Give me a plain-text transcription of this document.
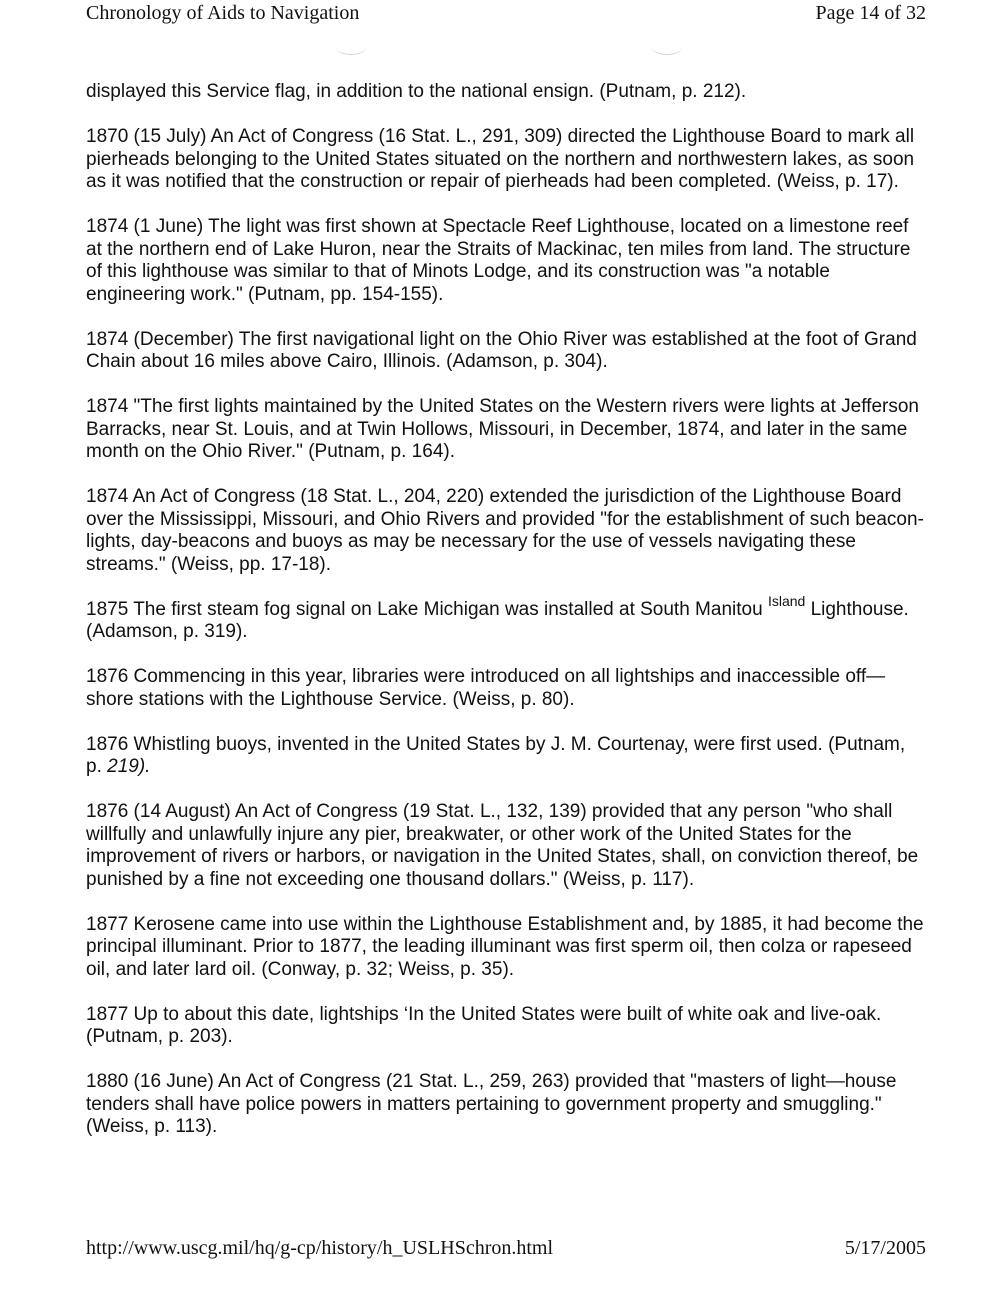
Chronology of Aids to Navigation	Page 14 of 32

displayed this Service flag, in addition to the national ensign. (Putnam, p. 212).

1870 (15 July) An Act of Congress (16 Stat. L., 291, 309) directed the Lighthouse Board to mark all pierheads belonging to the United States situated on the northern and northwestern lakes, as soon as it was notified that the construction or repair of pierheads had been completed. (Weiss, p. 17).

1874 (1 June) The light was first shown at Spectacle Reef Lighthouse, located on a limestone reef at the northern end of Lake Huron, near the Straits of Mackinac, ten miles from land. The structure of this lighthouse was similar to that of Minots Lodge, and its construction was "a notable engineering work." (Putnam, pp. 154-155).

1874 (December) The first navigational light on the Ohio River was established at the foot of Grand Chain about 16 miles above Cairo, Illinois. (Adamson, p. 304).

1874 "The first lights maintained by the United States on the Western rivers were lights at Jefferson Barracks, near St. Louis, and at Twin Hollows, Missouri, in December, 1874, and later in the same month on the Ohio River." (Putnam, p. 164).

1874 An Act of Congress (18 Stat. L., 204, 220) extended the jurisdiction of the Lighthouse Board over the Mississippi, Missouri, and Ohio Rivers and provided "for the establishment of such beacon-lights, day-beacons and buoys as may be necessary for the use of vessels navigating these streams." (Weiss, pp. 17-18).

1875 The first steam fog signal on Lake Michigan was installed at South Manitou $^{Island}$ Lighthouse. (Adamson, p. 319).

1876 Commencing in this year, libraries were introduced on all lightships and inaccessible off—shore stations with the Lighthouse Service. (Weiss, p. 80).

1876 Whistling buoys, invented in the United States by J. M. Courtenay, were first used. (Putnam, p. 219).

1876 (14 August) An Act of Congress (19 Stat. L., 132, 139) provided that any person "who shall willfully and unlawfully injure any pier, breakwater, or other work of the United States for the improvement of rivers or harbors, or navigation in the United States, shall, on conviction thereof, be punished by a fine not exceeding one thousand dollars." (Weiss, p. 117).

1877 Kerosene came into use within the Lighthouse Establishment and, by 1885, it had become the principal illuminant. Prior to 1877, the leading illuminant was first sperm oil, then colza or rapeseed oil, and later lard oil. (Conway, p. 32; Weiss, p. 35).

1877 Up to about this date, lightships ‘In the United States were built of white oak and live-oak. (Putnam, p. 203).

1880 (16 June) An Act of Congress (21 Stat. L., 259, 263) provided that "masters of light—house tenders shall have police powers in matters pertaining to government property and smuggling." (Weiss, p. 113).

http://www.uscg.mil/hq/g-cp/history/h_USLHSchron.html	5/17/2005
